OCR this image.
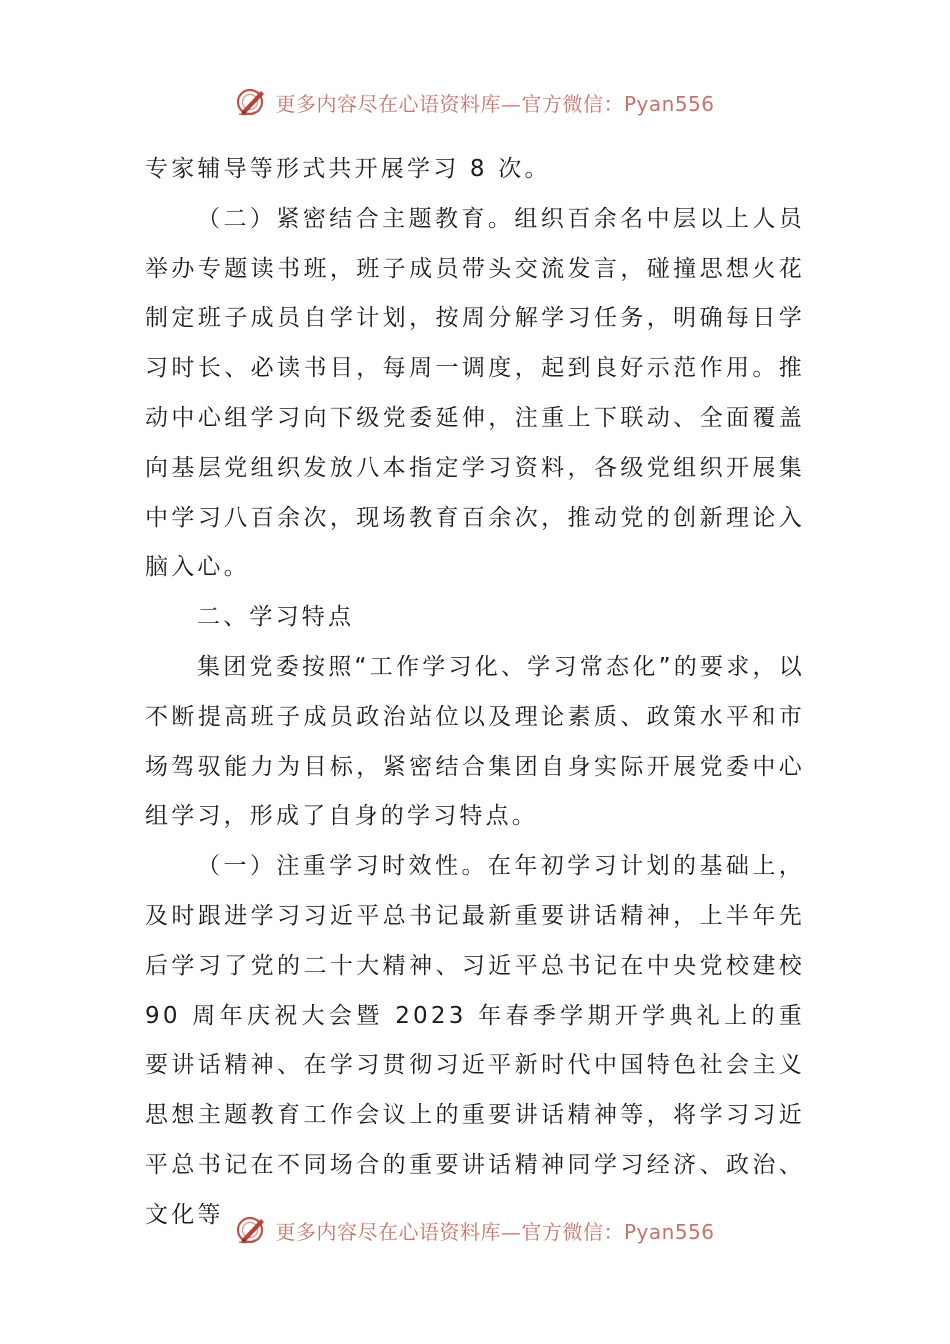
更多内容尽在心语资料库—官方微信：Pyan556

专家辅导等形式共开展学习 8 次。

（二）紧密结合主题教育。组织百余名中层以上人员举办专题读书班，班子成员带头交流发言，碰撞思想火花制定班子成员自学计划，按周分解学习任务，明确每日学习时长、必读书目，每周一调度，起到良好示范作用。推动中心组学习向下级党委延伸，注重上下联动、全面覆盖向基层党组织发放八本指定学习资料，各级党组织开展集中学习八百余次，现场教育百余次，推动党的创新理论入脑入心。

二、学习特点

集团党委按照“工作学习化、学习常态化”的要求，以不断提高班子成员政治站位以及理论素质、政策水平和市场驾驭能力为目标，紧密结合集团自身实际开展党委中心组学习，形成了自身的学习特点。

（一）注重学习时效性。在年初学习计划的基础上，及时跟进学习习近平总书记最新重要讲话精神，上半年先后学习了党的二十大精神、习近平总书记在中央党校建校 90 周年庆祝大会暨 2023 年春季学期开学典礼上的重要讲话精神、在学习贯彻习近平新时代中国特色社会主义思想主题教育工作会议上的重要讲话精神等，将学习习近平总书记在不同场合的重要讲话精神同学习经济、政治、文化等

更多内容尽在心语资料库—官方微信：Pyan556
